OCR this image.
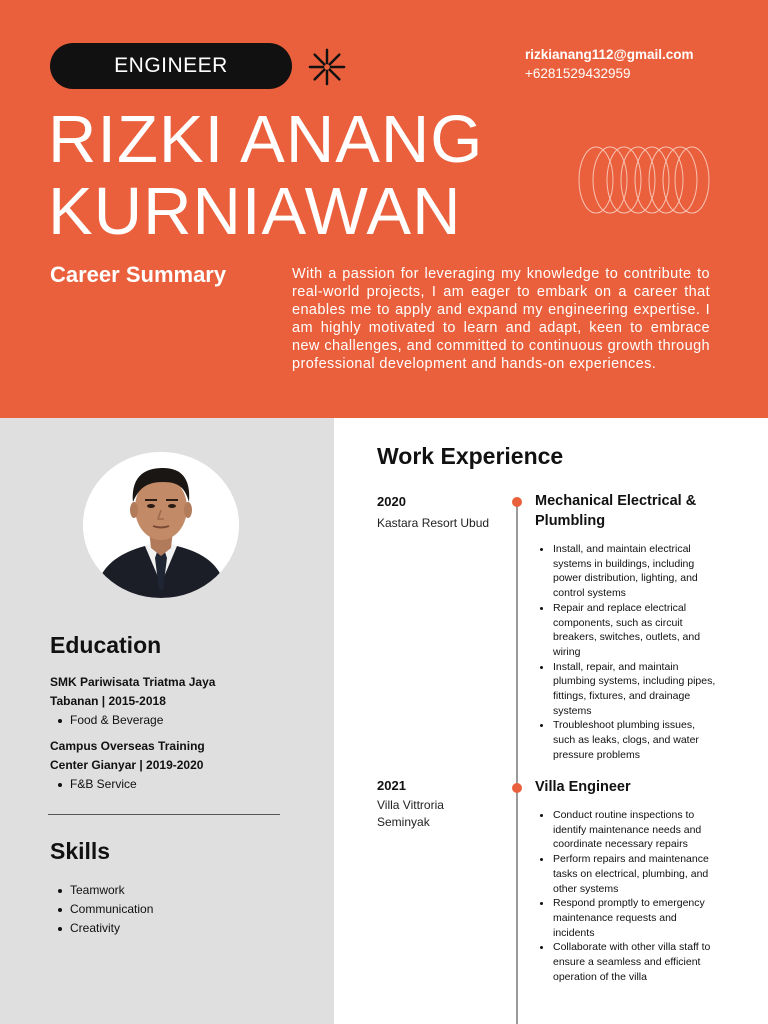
ENGINEER	rizkianang112@gmail.com
+6281529432959
RIZKI ANANG
KURNIAWAN
Career Summary	With a passion for leveraging my knowledge to contribute to real-world projects, I am eager to embark on a career that enables me to apply and expand my engineering expertise. I am highly motivated to learn and adapt, keen to embrace new challenges, and committed to continuous growth through professional development and hands-on experiences.
Education
SMK Pariwisata Triatma Jaya
Tabanan | 2015-2018
Food & Beverage
Campus Overseas Training
Center Gianyar | 2019-2020
F&B Service
Skills
Teamwork
Communication
Creativity
Work Experience
2020
Kastara Resort Ubud
Mechanical Electrical &
Plumbling
Install, and maintain electrical systems in buildings, including power distribution, lighting, and control systems
Repair and replace electrical components, such as circuit breakers, switches, outlets, and wiring
Install, repair, and maintain plumbing systems, including pipes, fittings, fixtures, and drainage systems
Troubleshoot plumbing issues, such as leaks, clogs, and water pressure problems
2021
Villa Vittroria
Seminyak
Villa Engineer
Conduct routine inspections to identify maintenance needs and coordinate necessary repairs
Perform repairs and maintenance tasks on electrical, plumbing, and other systems
Respond promptly to emergency maintenance requests and incidents
Collaborate with other villa staff to ensure a seamless and efficient operation of the villa
